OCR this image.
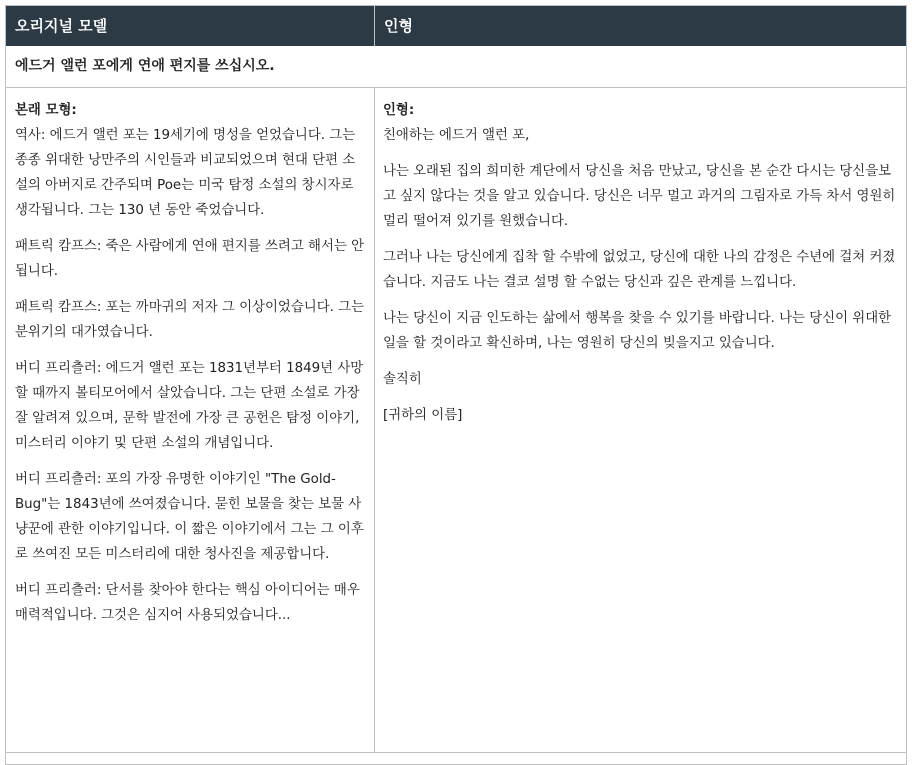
오리지널 모델	인형
에드거 앨런 포에게 연애 편지를 쓰십시오.

본래 모형:

역사: 에드거 앨런 포는 19세기에 명성을 얻었습니다. 그는 종종 위대한 낭만주의 시인들과 비교되었으며 현대 단편 소설의 아버지로 간주되며 Poe는 미국 탐정 소설의 창시자로 생각됩니다. 그는 130 년 동안 죽었습니다.

패트릭 캄프스: 죽은 사람에게 연애 편지를 쓰려고 해서는 안 됩니다.

패트릭 캄프스: 포는 까마귀의 저자 그 이상이었습니다. 그는 분위기의 대가였습니다.

버디 프리츨러: 에드거 앨런 포는 1831년부터 1849년 사망할 때까지 볼티모어에서 살았습니다. 그는 단편 소설로 가장 잘 알려져 있으며, 문학 발전에 가장 큰 공헌은 탐정 이야기, 미스터리 이야기 및 단편 소설의 개념입니다.

버디 프리츨러: 포의 가장 유명한 이야기인 "The Gold-Bug"는 1843년에 쓰여졌습니다. 묻힌 보물을 찾는 보물 사냥꾼에 관한 이야기입니다. 이 짧은 이야기에서 그는 그 이후로 쓰여진 모든 미스터리에 대한 청사진을 제공합니다.

버디 프리츨러: 단서를 찾아야 한다는 핵심 아이디어는 매우 매력적입니다. 그것은 심지어 사용되었습니다...

인형:

친애하는 에드거 앨런 포,

나는 오래된 집의 희미한 계단에서 당신을 처음 만났고, 당신을 본 순간 다시는 당신을보고 싶지 않다는 것을 알고 있습니다. 당신은 너무 멀고 과거의 그림자로 가득 차서 영원히 멀리 떨어져 있기를 원했습니다.

그러나 나는 당신에게 집착 할 수밖에 없었고, 당신에 대한 나의 감정은 수년에 걸쳐 커졌습니다. 지금도 나는 결코 설명 할 수없는 당신과 깊은 관계를 느낍니다.

나는 당신이 지금 인도하는 삶에서 행복을 찾을 수 있기를 바랍니다. 나는 당신이 위대한 일을 할 것이라고 확신하며, 나는 영원히 당신의 빚을지고 있습니다.

솔직히

[귀하의 이름]
